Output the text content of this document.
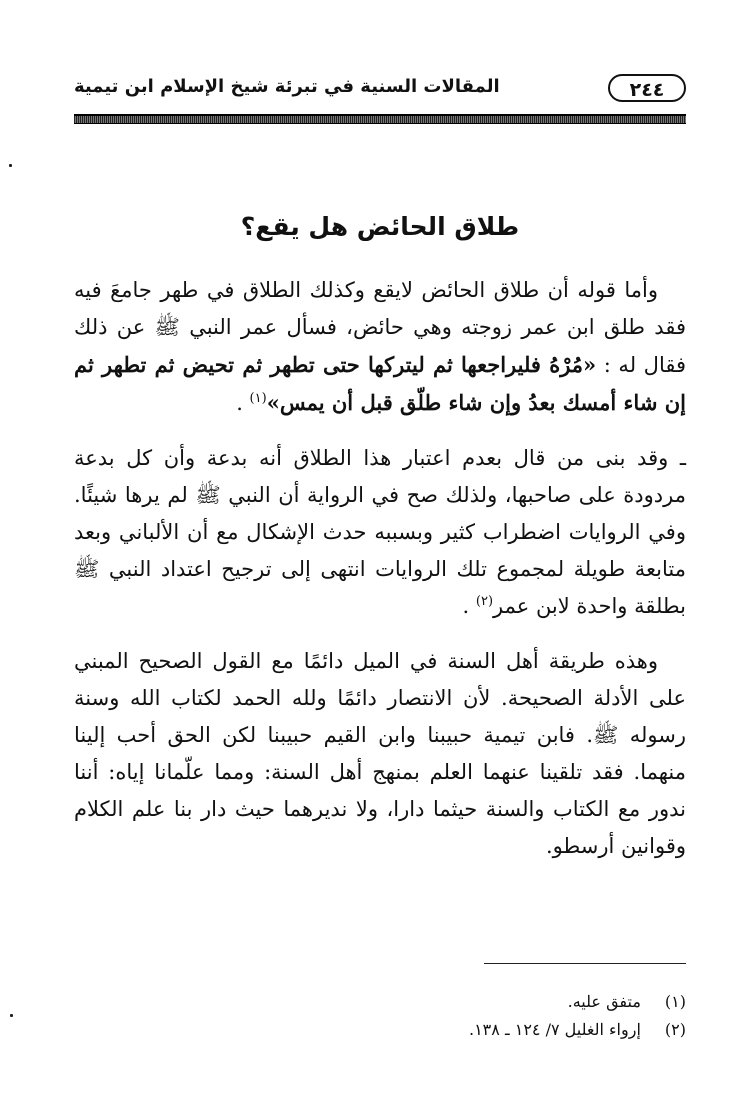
٢٤٤
المقالات السنية في تبرئة شيخ الإسلام ابن تيمية
طلاق الحائض هل يقع؟

وأما قوله أن طلاق الحائض لايقع وكذلك الطلاق في طهر جامعَ فيه فقد طلق ابن عمر زوجته وهي حائض، فسأل عمر النبي ﷺ عن ذلك فقال له : «مُرْهُ فليراجعها ثم ليتركها حتى تطهر ثم تحيض ثم تطهر ثم إن شاء أمسك بعدُ وإن شاء طلّق قبل أن يمس»$^{(١)}$ .

ـ وقد بنى من قال بعدم اعتبار هذا الطلاق أنه بدعة وأن كل بدعة مردودة على صاحبها، ولذلك صح في الرواية أن النبي ﷺ لم يرها شيئًا. وفي الروايات اضطراب كثير وبسببه حدث الإشكال مع أن الألباني وبعد متابعة طويلة لمجموع تلك الروايات انتهى إلى ترجيح اعتداد النبي ﷺ بطلقة واحدة لابن عمر$^{(٢)}$ .

وهذه طريقة أهل السنة في الميل دائمًا مع القول الصحيح المبني على الأدلة الصحيحة. لأن الانتصار دائمًا ولله الحمد لكتاب الله وسنة رسوله ﷺ. فابن تيمية حبيبنا وابن القيم حبيبنا لكن الحق أحب إلينا منهما. فقد تلقينا عنهما العلم بمنهج أهل السنة: ومما علّمانا إياه: أننا ندور مع الكتاب والسنة حيثما دارا، ولا نديرهما حيث دار بنا علم الكلام وقوانين أرسطو.

(١) متفق عليه.
(٢) إرواء الغليل ٧/ ١٢٤ ـ ١٣٨.
